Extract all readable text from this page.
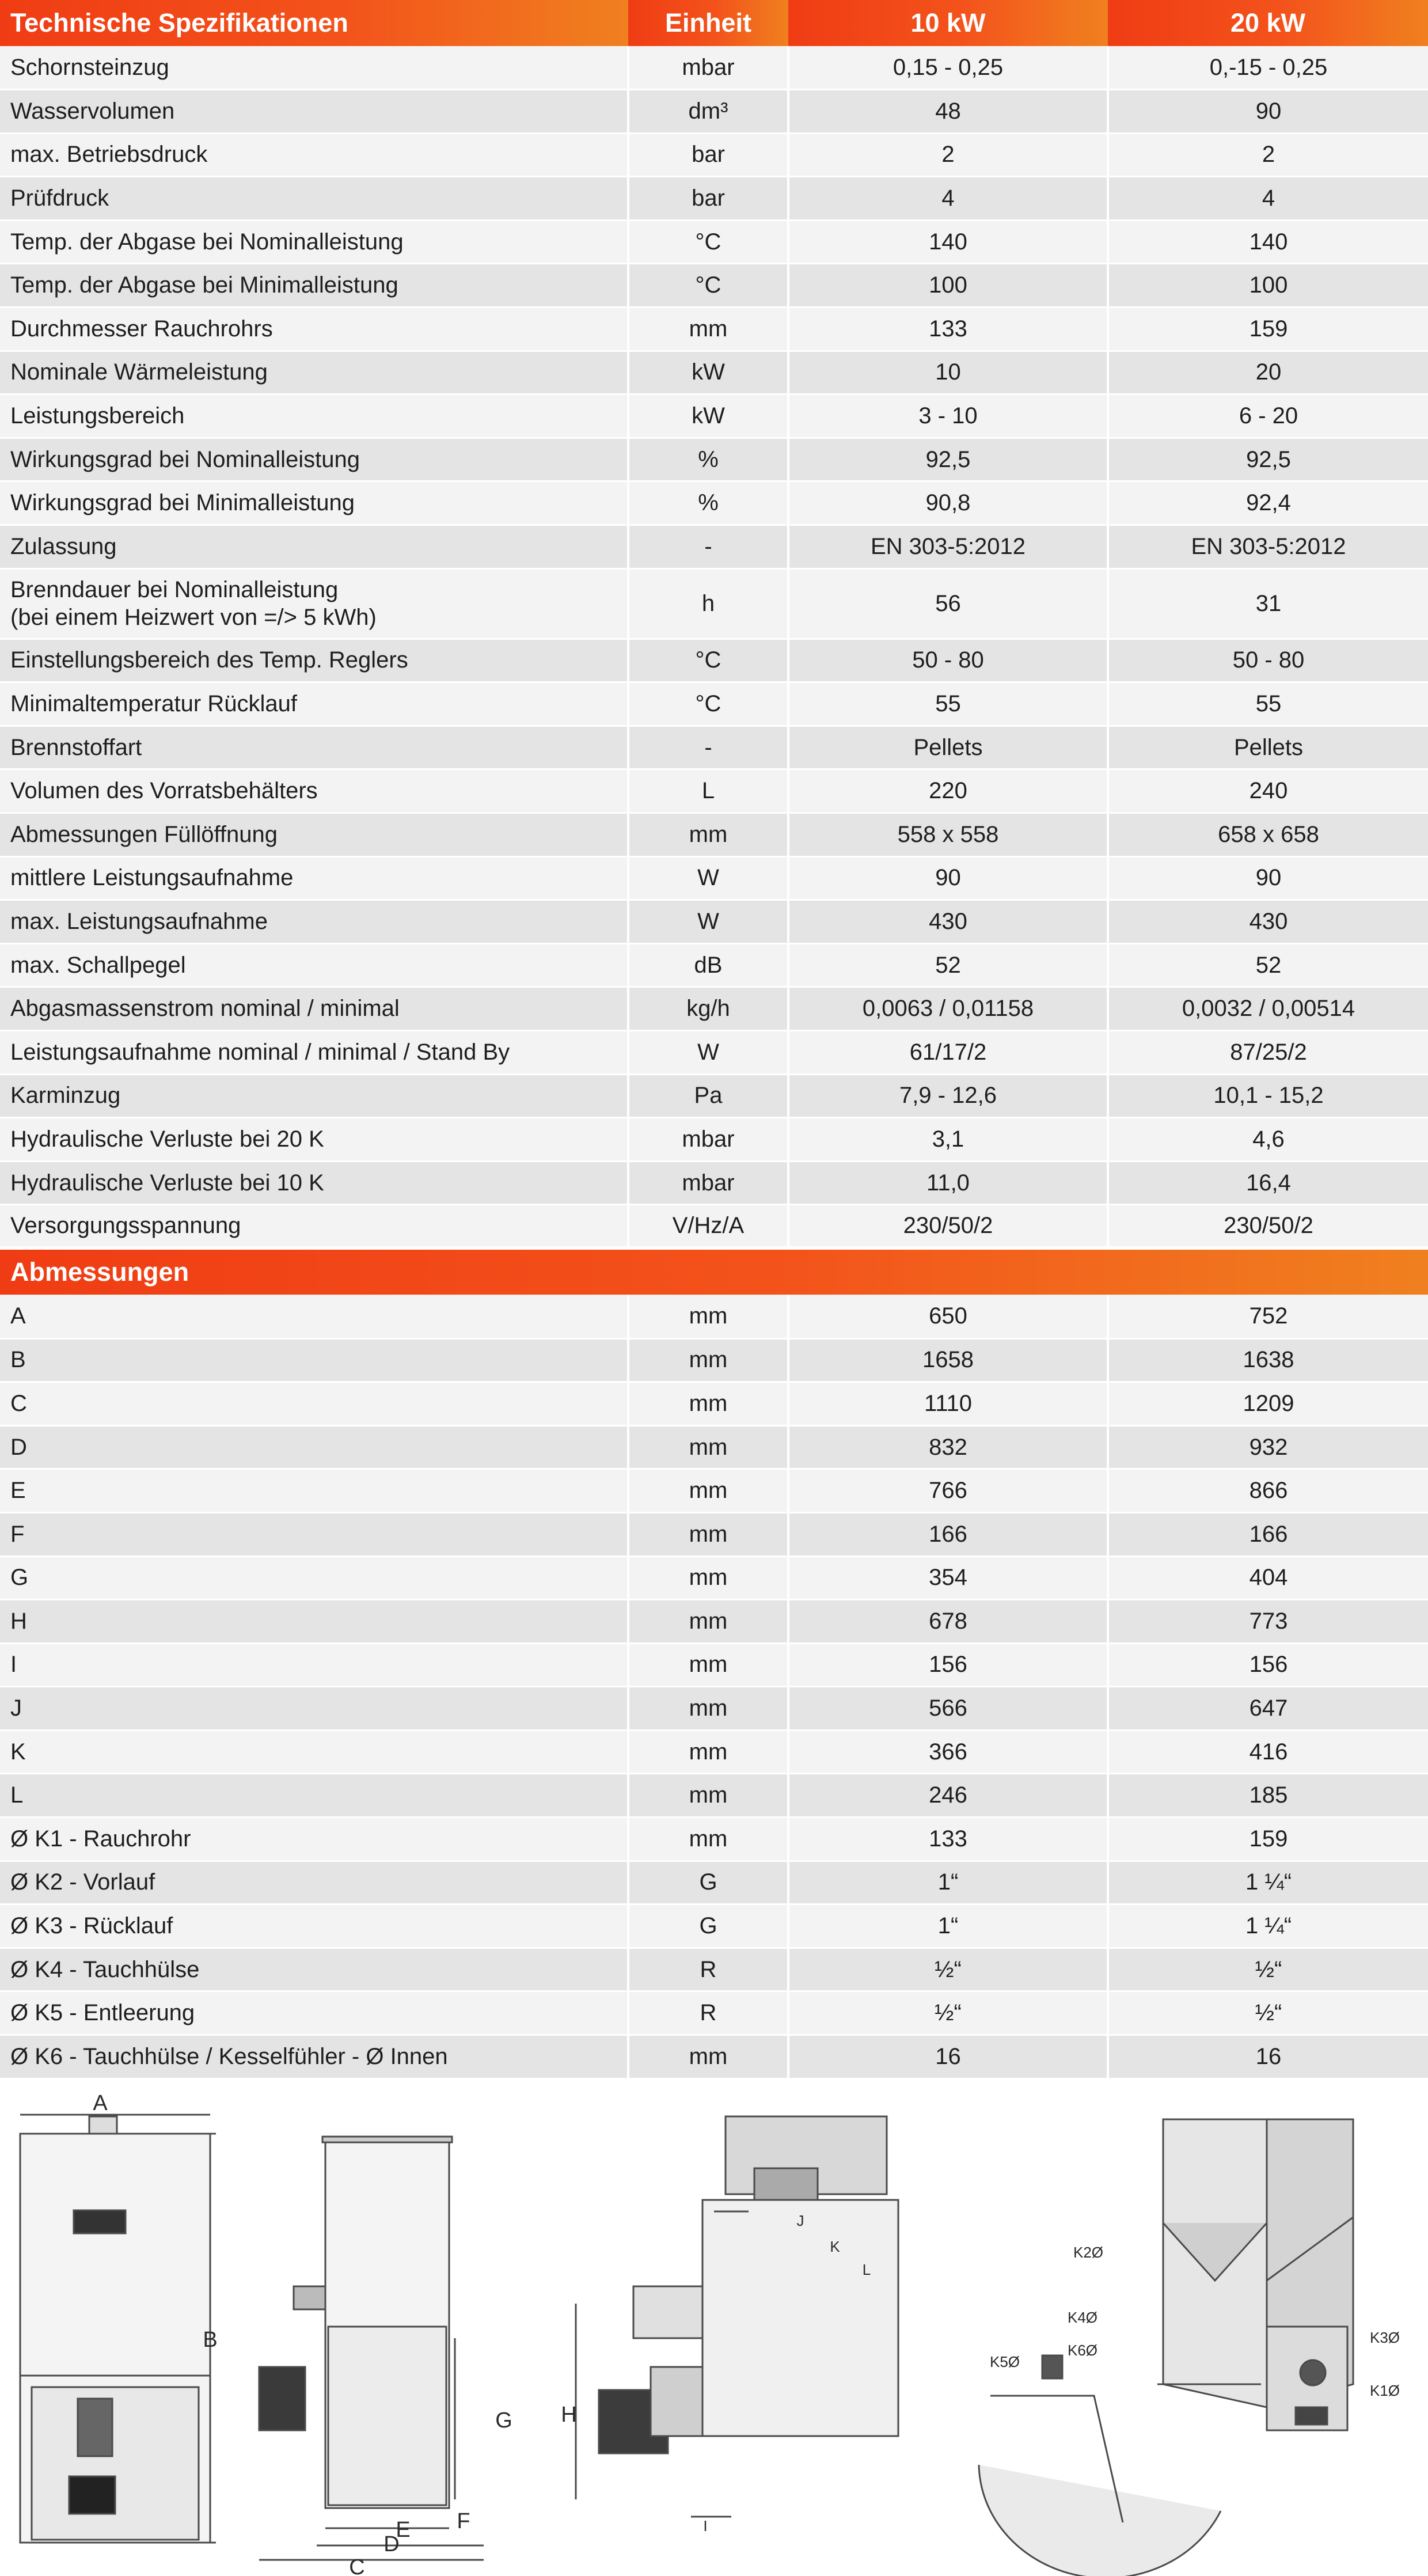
Technische Spezifikationen	Einheit	10 kW	20 kW

Schornsteinzug	mbar	0,15 - 0,25	0,-15 - 0,25

Wasservolumen	dm³	48	90

max. Betriebsdruck	bar	2	2

Prüfdruck	bar	4	4

Temp. der Abgase bei Nominalleistung	°C	140	140

Temp. der Abgase bei Minimalleistung	°C	100	100

Durchmesser Rauchrohrs	mm	133	159

Nominale Wärmeleistung	kW	10	20

Leistungsbereich	kW	3 - 10	6 - 20

Wirkungsgrad bei Nominalleistung	%	92,5	92,5

Wirkungsgrad bei Minimalleistung	%	90,8	92,4

Zulassung	-	EN 303-5:2012	EN 303-5:2012

Brenndauer bei Nominalleistung
(bei einem Heizwert von =/> 5 kWh)	h	56	31

Einstellungsbereich des Temp. Reglers	°C	50 - 80	50 - 80

Minimaltemperatur Rücklauf	°C	55	55

Brennstoffart	-	Pellets	Pellets

Volumen des Vorratsbehälters	L	220	240

Abmessungen Füllöffnung	mm	558 x 558	658 x 658

mittlere Leistungsaufnahme	W	90	90

max. Leistungsaufnahme	W	430	430

max. Schallpegel	dB	52	52

Abgasmassenstrom nominal / minimal	kg/h	0,0063 / 0,01158	0,0032 / 0,00514

Leistungsaufnahme nominal / minimal / Stand By	W	61/17/2	87/25/2

Karminzug	Pa	7,9 - 12,6	10,1 - 15,2

Hydraulische Verluste bei 20 K	mbar	3,1	4,6

Hydraulische Verluste bei 10 K	mbar	11,0	16,4

Versorgungsspannung	V/Hz/A	230/50/2	230/50/2
Abmessungen			

A	mm	650	752

B	mm	1658	1638

C	mm	1110	1209

D	mm	832	932

E	mm	766	866

F	mm	166	166

G	mm	354	404

H	mm	678	773

I	mm	156	156

J	mm	566	647

K	mm	366	416

L	mm	246	185

Ø K1 - Rauchrohr	mm	133	159

Ø K2 - Vorlauf	G	1“	1 ¼“

Ø K3 - Rücklauf	G	1“	1 ¼“

Ø K4 - Tauchhülse	R	½“	½“

Ø K5 - Entleerung	R	½“	½“

Ø K6 - Tauchhülse / Kesselfühler - Ø Innen	mm	16	16
A
B
C
D
E F
G H
I
J
K
L
K1Ø
K2Ø
K3Ø
K4Ø
K5Ø
K6Ø
